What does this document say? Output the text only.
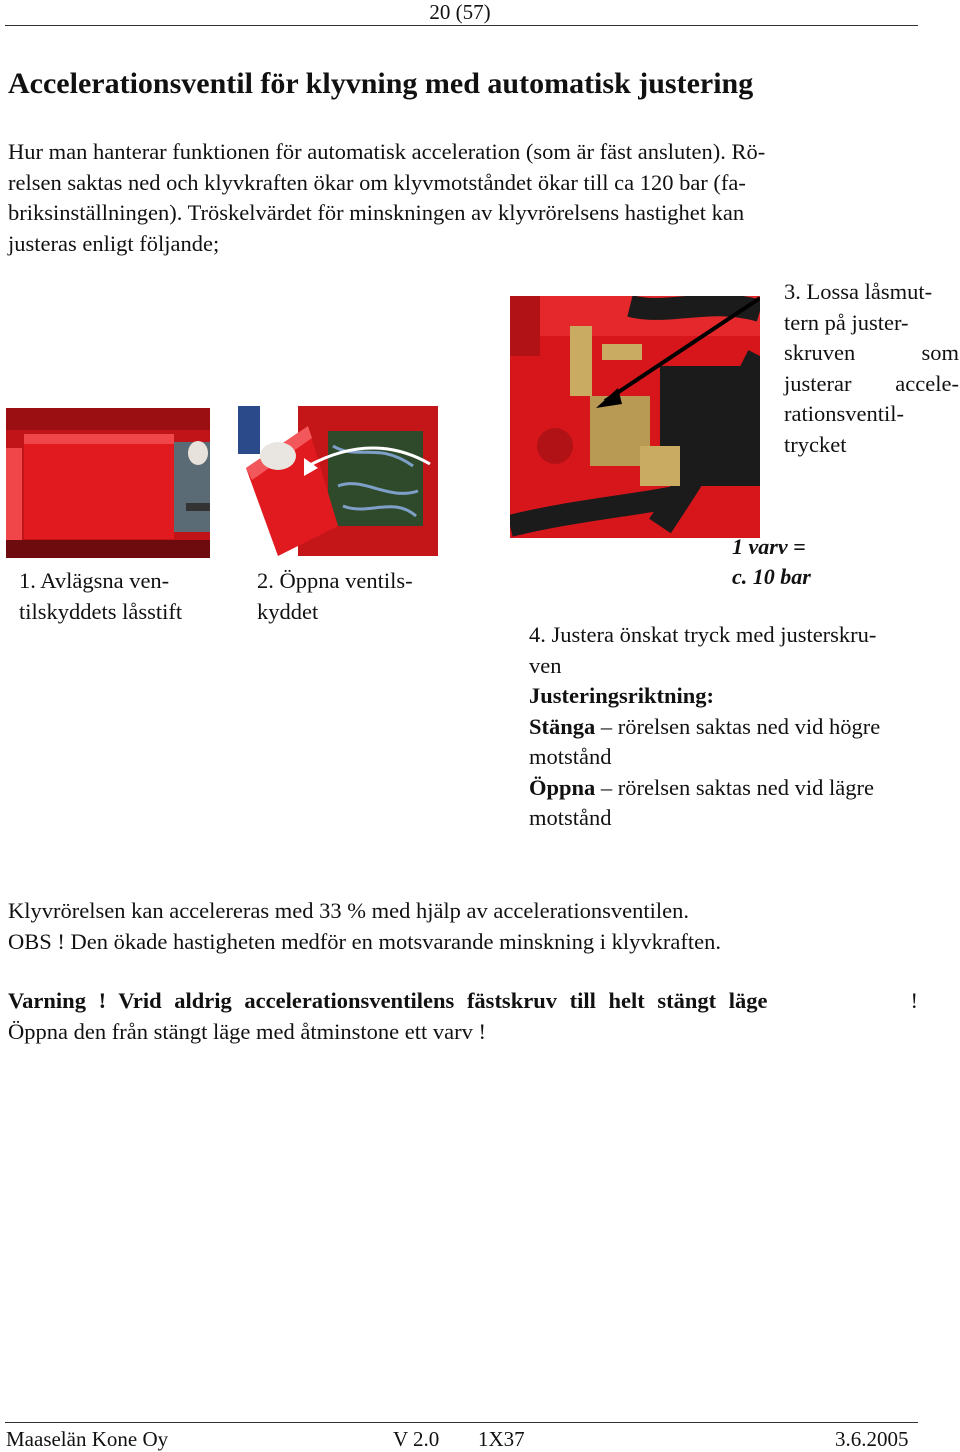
20 (57)
Accelerationsventil för klyvning med automatisk justering
Hur man hanterar funktionen för automatisk acceleration (som är fäst ansluten). Rö-
relsen saktas ned och klyvkraften ökar om klyvmotståndet ökar till ca 120 bar (fa-
briksinställningen). Tröskelvärdet för minskningen av klyvrörelsens hastighet kan
justeras enligt följande;
1. Avlägsna ven-
tilskyddets låsstift
2. Öppna ventils-
kyddet
3. Lossa låsmut-
tern på juster-
skruven som
justerar accele-
rationsventil-
trycket
1 varv =
c. 10 bar
4. Justera önskat tryck med justerskru-
ven
Justeringsriktning:
Stänga – rörelsen saktas ned vid högre
motstånd
Öppna – rörelsen saktas ned vid lägre
motstånd
Klyvrörelsen kan accelereras med 33 % med hjälp av accelerationsventilen.
OBS ! Den ökade hastigheten medför en motsvarande minskning i klyvkraften.
Varning ! Vrid aldrig accelerationsventilens fästskruv till helt stängt läge	!
Öppna den från stängt läge med åtminstone ett varv !
Maaselän Kone Oy	V 2.0 1X37	3.6.2005
